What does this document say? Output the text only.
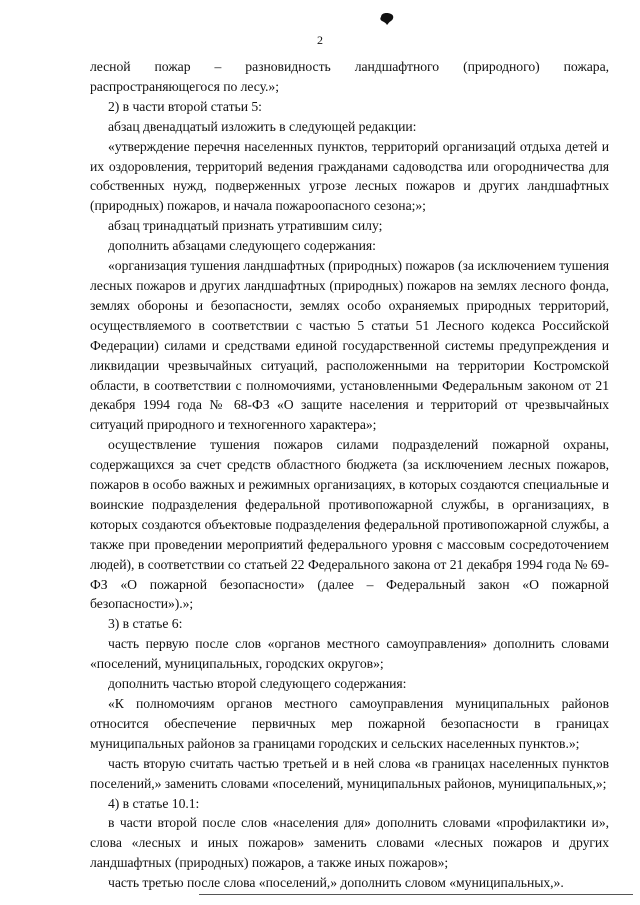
2

лесной пожар – разновидность ландшафтного (природного) пожара, распространяющегося по лесу.»;

2) в части второй статьи 5:

абзац двенадцатый изложить в следующей редакции:

«утверждение перечня населенных пунктов, территорий организаций отдыха детей и их оздоровления, территорий ведения гражданами садоводства или огородничества для собственных нужд, подверженных угрозе лесных пожаров и других ландшафтных (природных) пожаров, и начала пожароопасного сезона;»;

абзац тринадцатый признать утратившим силу;

дополнить абзацами следующего содержания:

«организация тушения ландшафтных (природных) пожаров (за исключением тушения лесных пожаров и других ландшафтных (природных) пожаров на землях лесного фонда, землях обороны и безопасности, землях особо охраняемых природных территорий, осуществляемого в соответствии с частью 5 статьи 51 Лесного кодекса Российской Федерации) силами и средствами единой государственной системы предупреждения и ликвидации чрезвычайных ситуаций, расположенными на территории Костромской области, в соответствии с полномочиями, установленными Федеральным законом от 21 декабря 1994 года № 68-ФЗ «О защите населения и территорий от чрезвычайных ситуаций природного и техногенного характера»;

осуществление тушения пожаров силами подразделений пожарной охраны, содержащихся за счет средств областного бюджета (за исключением лесных пожаров, пожаров в особо важных и режимных организациях, в которых создаются специальные и воинские подразделения федеральной противопожарной службы, в организациях, в которых создаются объектовые подразделения федеральной противопожарной службы, а также при проведении мероприятий федерального уровня с массовым сосредоточением людей), в соответствии со статьей 22 Федерального закона от 21 декабря 1994 года № 69-ФЗ «О пожарной безопасности» (далее – Федеральный закон «О пожарной безопасности»).»;

3) в статье 6:

часть первую после слов «органов местного самоуправления» дополнить словами «поселений, муниципальных, городских округов»;

дополнить частью второй следующего содержания:

«К полномочиям органов местного самоуправления муниципальных районов относится обеспечение первичных мер пожарной безопасности в границах муниципальных районов за границами городских и сельских населенных пунктов.»;

часть вторую считать частью третьей и в ней слова «в границах населенных пунктов поселений,» заменить словами «поселений, муниципальных районов, муниципальных,»;

4) в статье 10.1:

в части второй после слов «населения для» дополнить словами «профилактики и», слова «лесных и иных пожаров» заменить словами «лесных пожаров и других ландшафтных (природных) пожаров, а также иных пожаров»;

часть третью после слова «поселений,» дополнить словом «муниципальных,».
